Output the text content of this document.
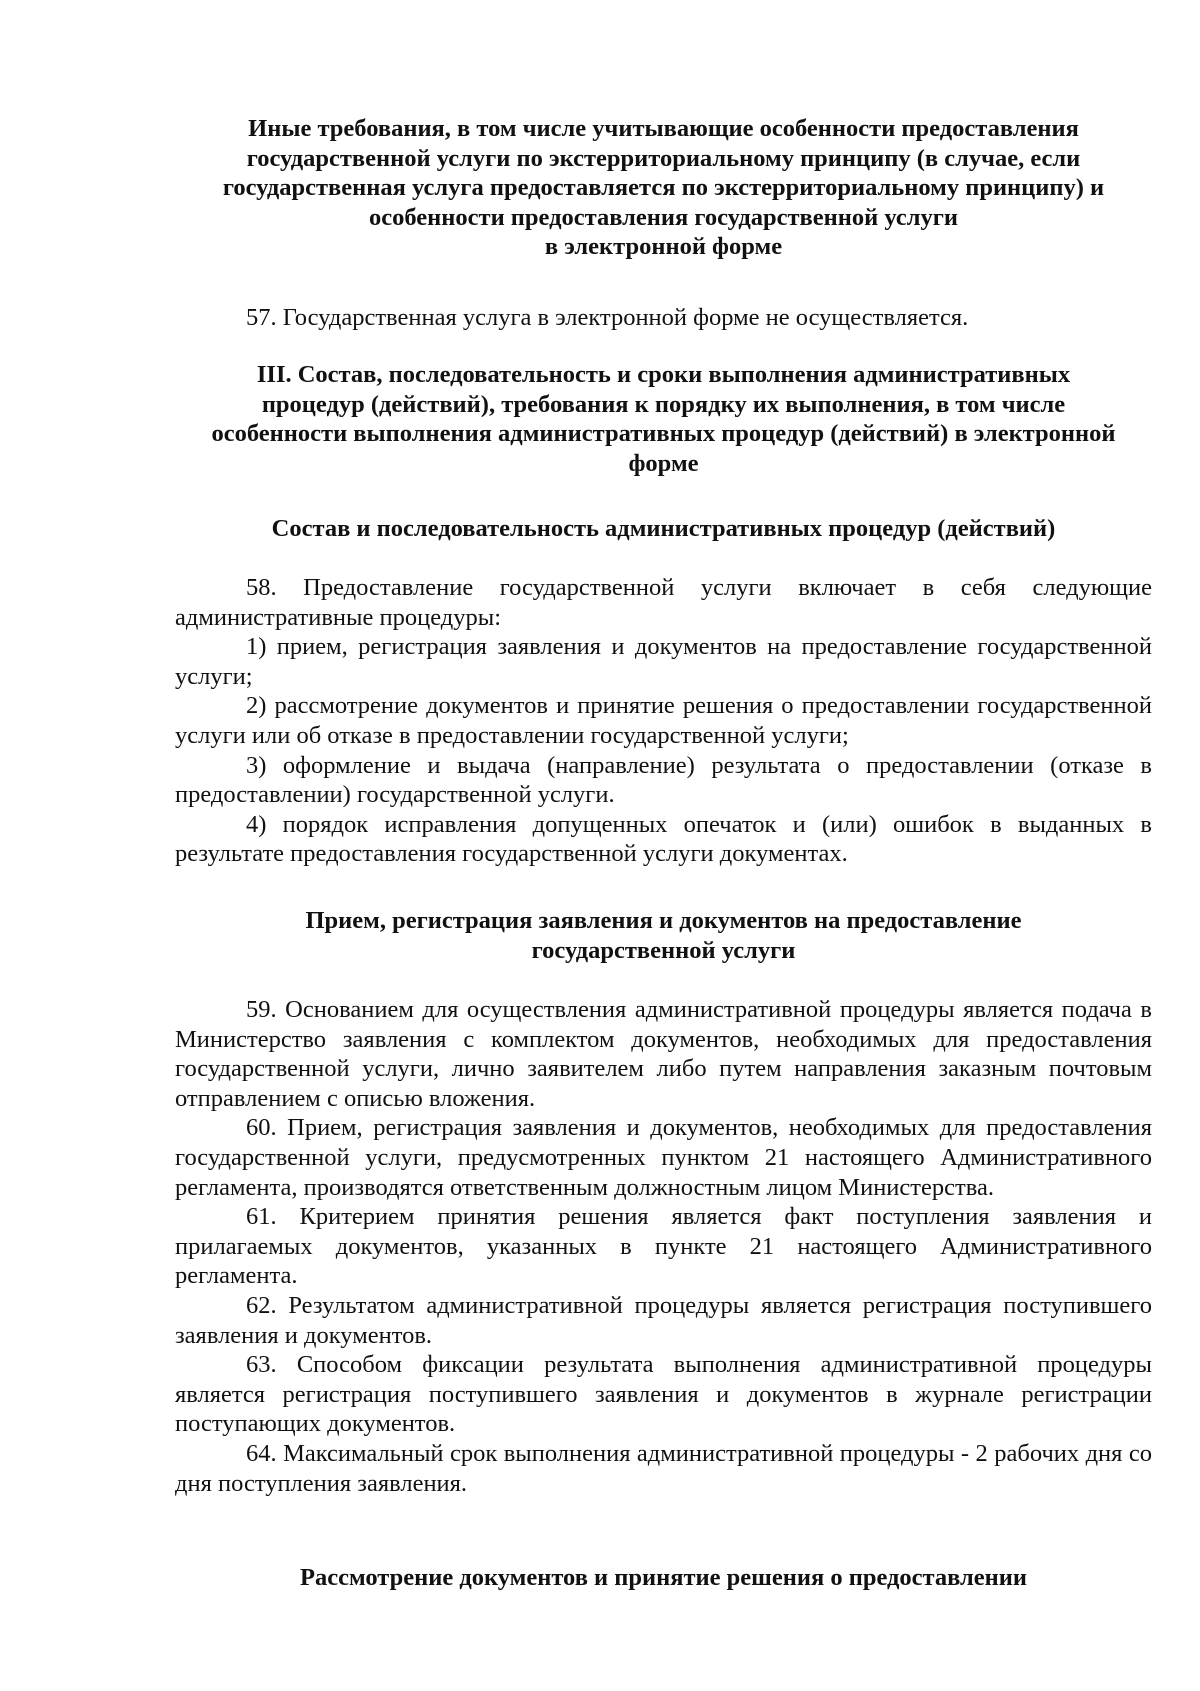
Иные требования, в том числе учитывающие особенности предоставления
государственной услуги по экстерриториальному принципу (в случае, если
государственная услуга предоставляется по экстерриториальному принципу) и
особенности предоставления государственной услуги
в электронной форме

57. Государственная услуга в электронной форме не осуществляется.

III. Состав, последовательность и сроки выполнения административных
процедур (действий), требования к порядку их выполнения, в том числе
особенности выполнения административных процедур (действий) в электронной
форме
Состав и последовательность административных процедур (действий)

58. Предоставление государственной услуги включает в себя следующие административные процедуры:

1) прием, регистрация заявления и документов на предоставление государственной услуги;

2) рассмотрение документов и принятие решения о предоставлении государственной услуги или об отказе в предоставлении государственной услуги;

3) оформление и выдача (направление) результата о предоставлении (отказе в предоставлении) государственной услуги.

4) порядок исправления допущенных опечаток и (или) ошибок в выданных в результате предоставления государственной услуги документах.

Прием, регистрация заявления и документов на предоставление
государственной услуги

59. Основанием для осуществления административной процедуры является подача в Министерство заявления с комплектом документов, необходимых для предоставления государственной услуги, лично заявителем либо путем направления заказным почтовым отправлением с описью вложения.

60. Прием, регистрация заявления и документов, необходимых для предоставления государственной услуги, предусмотренных пунктом 21 настоящего Административного регламента, производятся ответственным должностным лицом Министерства.

61. Критерием принятия решения является факт поступления заявления и прилагаемых документов, указанных в пункте 21 настоящего Административного регламента.

62. Результатом административной процедуры является регистрация поступившего заявления и документов.

63. Способом фиксации результата выполнения административной процедуры является регистрация поступившего заявления и документов в журнале регистрации поступающих документов.

64. Максимальный срок выполнения административной процедуры - 2 рабочих дня со дня поступления заявления.

Рассмотрение документов и принятие решения о предоставлении
